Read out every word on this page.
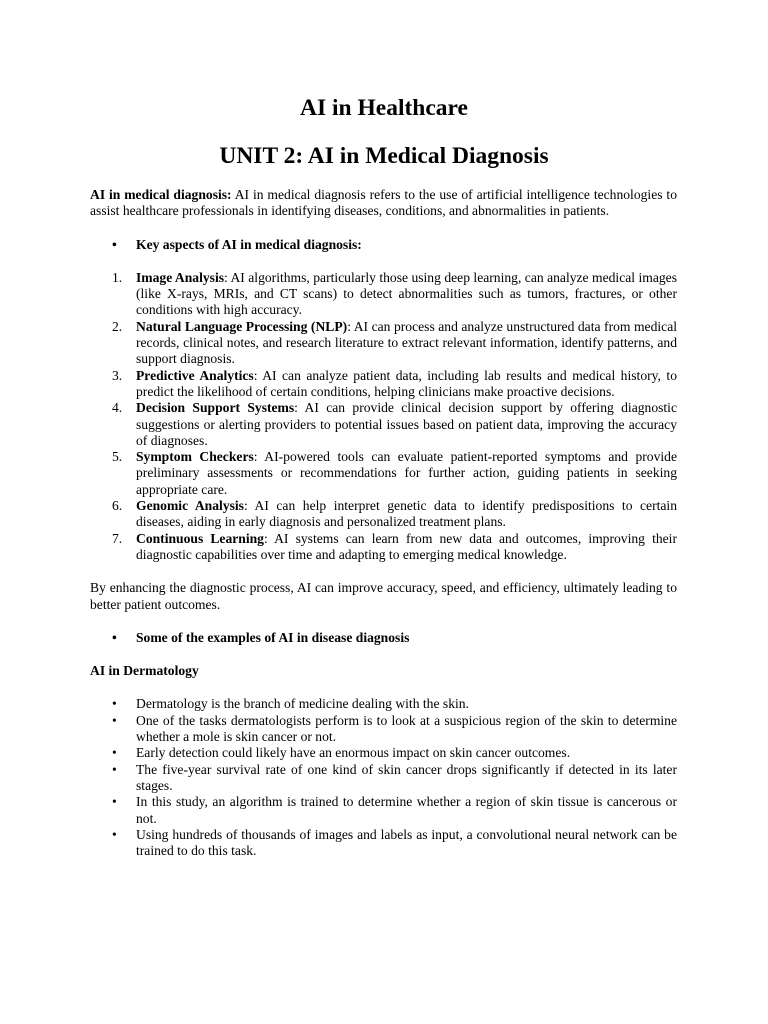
AI in Healthcare
UNIT 2: AI in Medical Diagnosis

AI in medical diagnosis: AI in medical diagnosis refers to the use of artificial intelligence technologies to assist healthcare professionals in identifying diseases, conditions, and abnormalities in patients.

•	Key aspects of AI in medical diagnosis:
1.	Image Analysis: AI algorithms, particularly those using deep learning, can analyze medical images (like X-rays, MRIs, and CT scans) to detect abnormalities such as tumors, fractures, or other conditions with high accuracy.
2.	Natural Language Processing (NLP): AI can process and analyze unstructured data from medical records, clinical notes, and research literature to extract relevant information, identify patterns, and support diagnosis.
3.	Predictive Analytics: AI can analyze patient data, including lab results and medical history, to predict the likelihood of certain conditions, helping clinicians make proactive decisions.
4.	Decision Support Systems: AI can provide clinical decision support by offering diagnostic suggestions or alerting providers to potential issues based on patient data, improving the accuracy of diagnoses.
5.	Symptom Checkers: AI-powered tools can evaluate patient-reported symptoms and provide preliminary assessments or recommendations for further action, guiding patients in seeking appropriate care.
6.	Genomic Analysis: AI can help interpret genetic data to identify predispositions to certain diseases, aiding in early diagnosis and personalized treatment plans.
7.	Continuous Learning: AI systems can learn from new data and outcomes, improving their diagnostic capabilities over time and adapting to emerging medical knowledge.

By enhancing the diagnostic process, AI can improve accuracy, speed, and efficiency, ultimately leading to better patient outcomes.

•	Some of the examples of AI in disease diagnosis

AI in Dermatology

•	Dermatology is the branch of medicine dealing with the skin.
•	One of the tasks dermatologists perform is to look at a suspicious region of the skin to determine whether a mole is skin cancer or not.
•	Early detection could likely have an enormous impact on skin cancer outcomes.
•	The five-year survival rate of one kind of skin cancer drops significantly if detected in its later stages.
•	In this study, an algorithm is trained to determine whether a region of skin tissue is cancerous or not.
•	Using hundreds of thousands of images and labels as input, a convolutional neural network can be trained to do this task.
